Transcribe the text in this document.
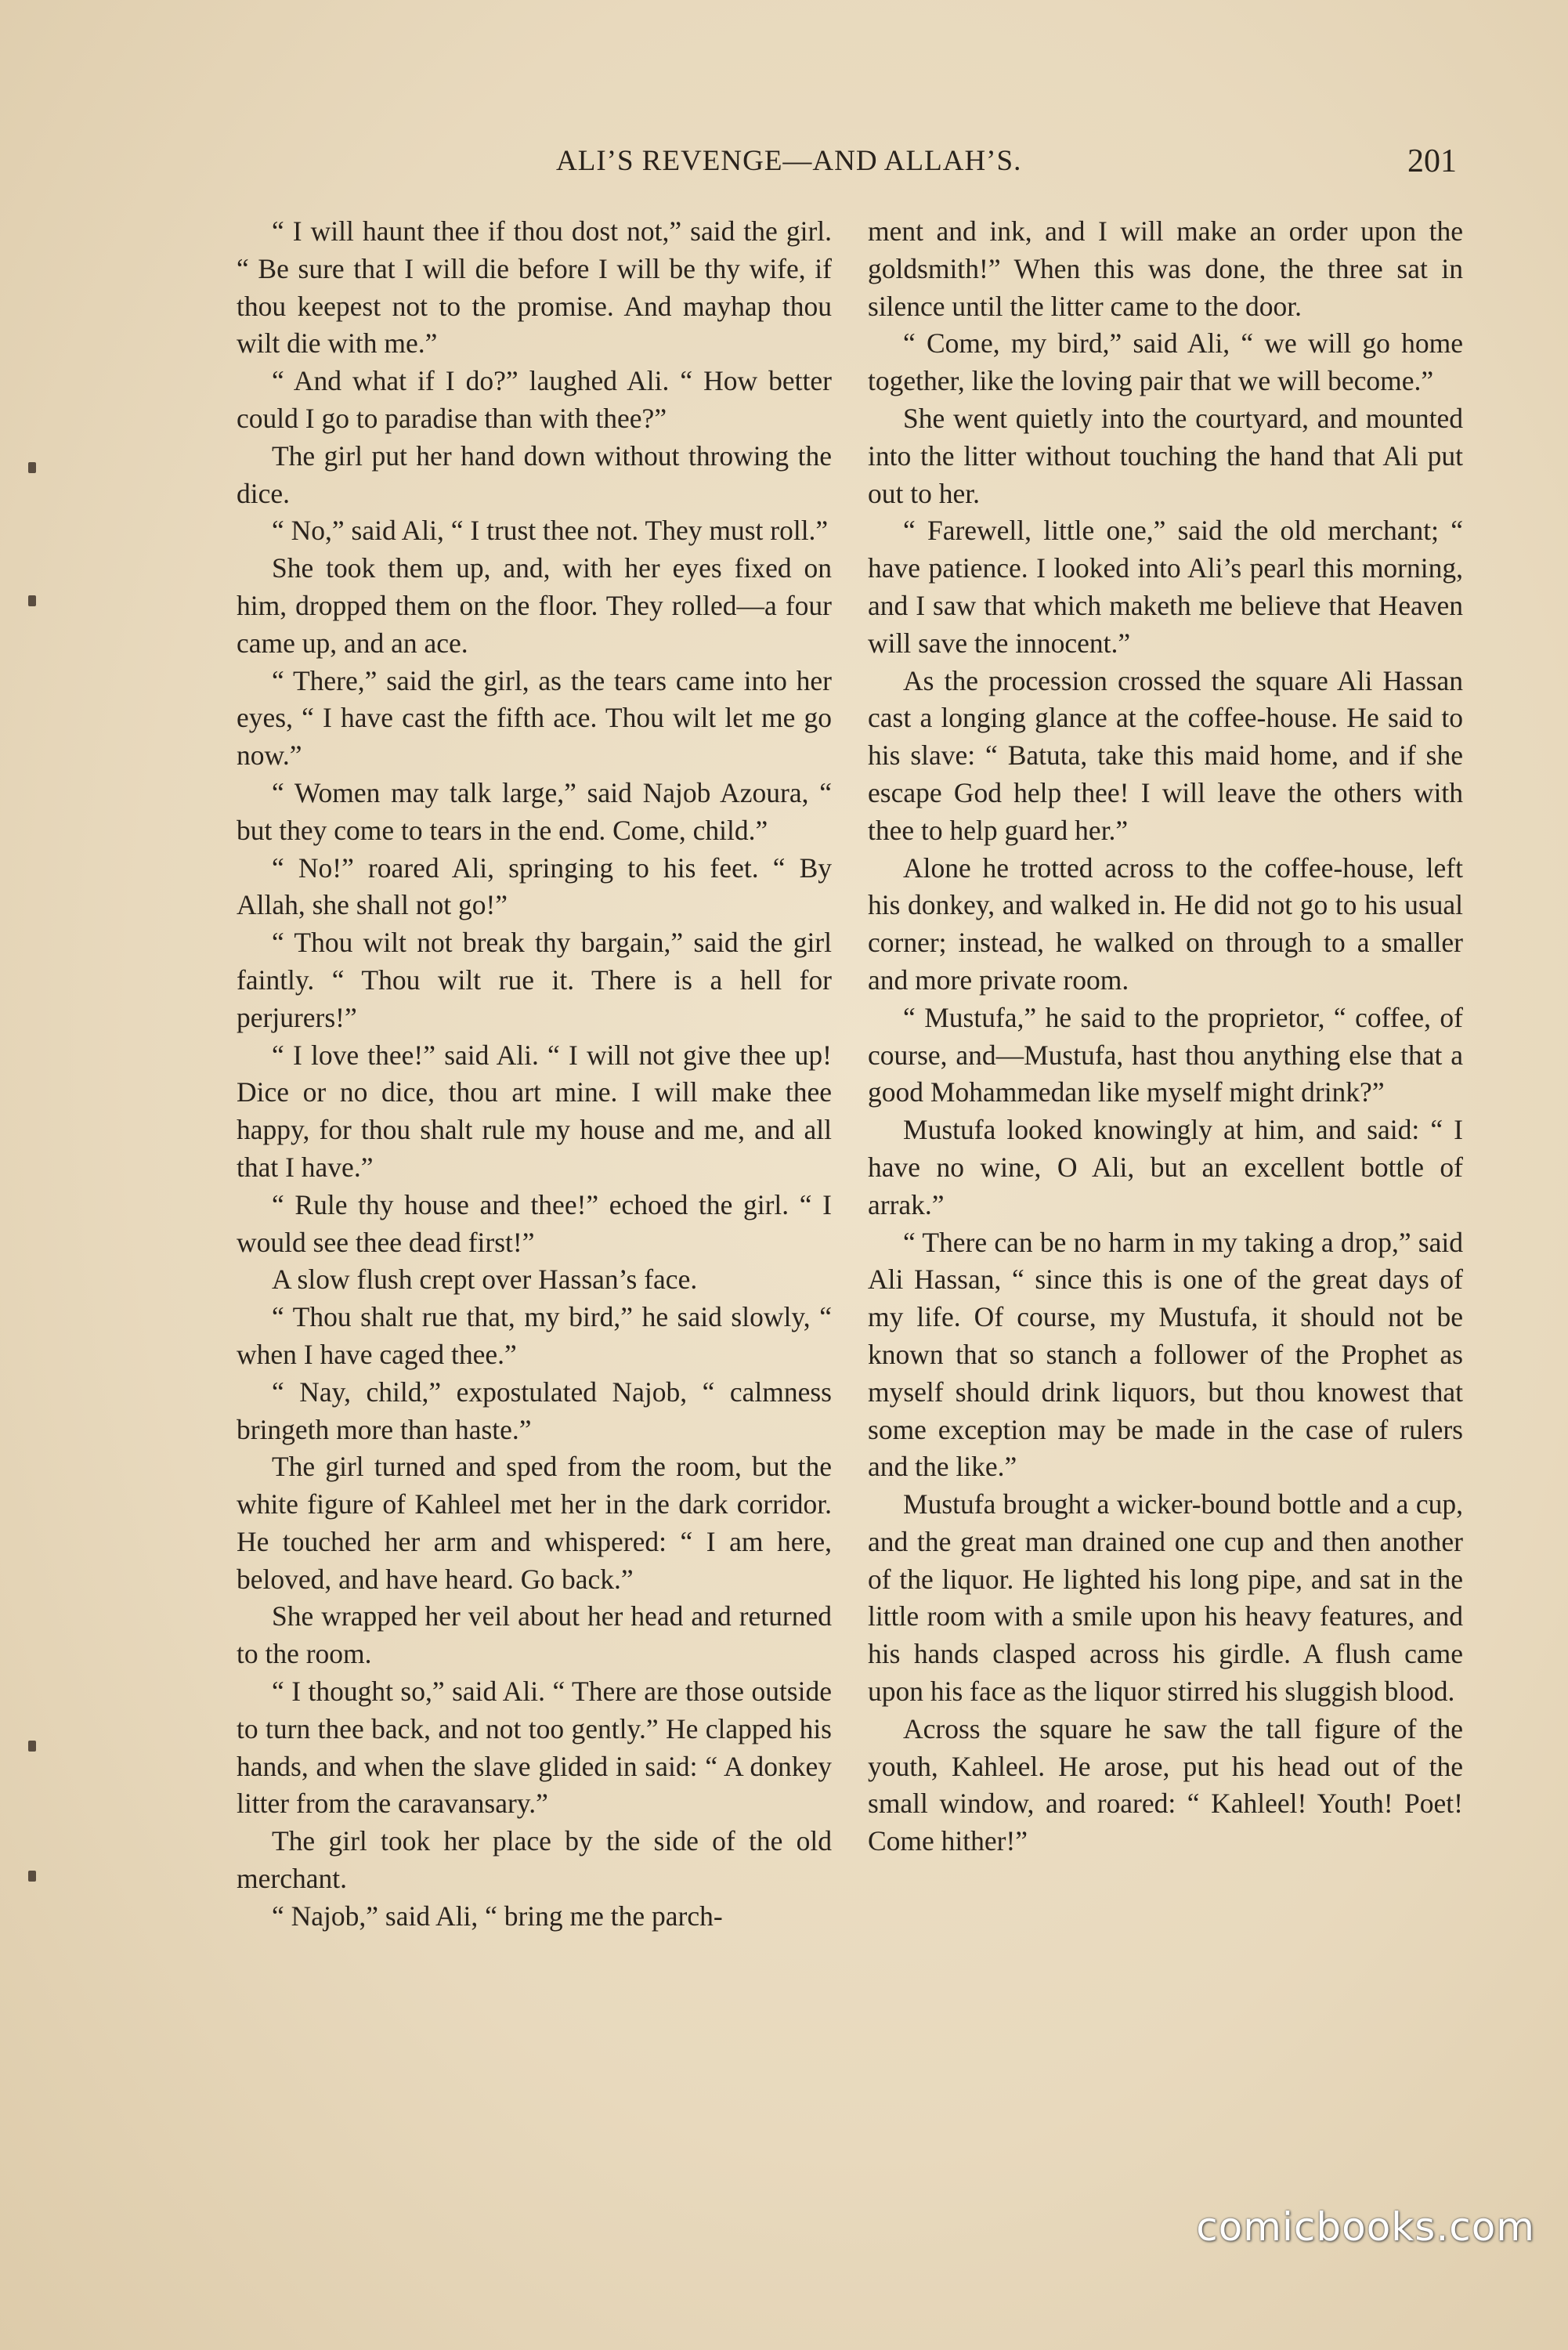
ALI’S REVENGE—AND ALLAH’S.	201

“ I will haunt thee if thou dost not,” said the girl. “ Be sure that I will die before I will be thy wife, if thou keepest not to the promise. And mayhap thou wilt die with me.”

“ And what if I do?” laughed Ali. “ How better could I go to paradise than with thee?”

The girl put her hand down without throwing the dice.

“ No,” said Ali, “ I trust thee not. They must roll.”

She took them up, and, with her eyes fixed on him, dropped them on the floor. They rolled—a four came up, and an ace.

“ There,” said the girl, as the tears came into her eyes, “ I have cast the fifth ace. Thou wilt let me go now.”

“ Women may talk large,” said Najob Azoura, “ but they come to tears in the end. Come, child.”

“ No!” roared Ali, springing to his feet. “ By Allah, she shall not go!”

“ Thou wilt not break thy bargain,” said the girl faintly. “ Thou wilt rue it. There is a hell for perjurers!”

“ I love thee!” said Ali. “ I will not give thee up! Dice or no dice, thou art mine. I will make thee happy, for thou shalt rule my house and me, and all that I have.”

“ Rule thy house and thee!” echoed the girl. “ I would see thee dead first!”

A slow flush crept over Hassan’s face.

“ Thou shalt rue that, my bird,” he said slowly, “ when I have caged thee.”

“ Nay, child,” expostulated Najob, “ calmness bringeth more than haste.”

The girl turned and sped from the room, but the white figure of Kahleel met her in the dark corridor. He touched her arm and whispered: “ I am here, beloved, and have heard. Go back.”

She wrapped her veil about her head and returned to the room.

“ I thought so,” said Ali. “ There are those outside to turn thee back, and not too gently.” He clapped his hands, and when the slave glided in said: “ A donkey litter from the caravansary.”

The girl took her place by the side of the old merchant.

“ Najob,” said Ali, “ bring me the parch-

ment and ink, and I will make an order upon the goldsmith!” When this was done, the three sat in silence until the litter came to the door.

“ Come, my bird,” said Ali, “ we will go home together, like the loving pair that we will become.”

She went quietly into the courtyard, and mounted into the litter without touching the hand that Ali put out to her.

“ Farewell, little one,” said the old merchant; “ have patience. I looked into Ali’s pearl this morning, and I saw that which maketh me believe that Heaven will save the innocent.”

As the procession crossed the square Ali Hassan cast a longing glance at the coffee-house. He said to his slave: “ Batuta, take this maid home, and if she escape God help thee! I will leave the others with thee to help guard her.”

Alone he trotted across to the coffee-house, left his donkey, and walked in. He did not go to his usual corner; instead, he walked on through to a smaller and more private room.

“ Mustufa,” he said to the proprietor, “ coffee, of course, and—Mustufa, hast thou anything else that a good Mohammedan like myself might drink?”

Mustufa looked knowingly at him, and said: “ I have no wine, O Ali, but an excellent bottle of arrak.”

“ There can be no harm in my taking a drop,” said Ali Hassan, “ since this is one of the great days of my life. Of course, my Mustufa, it should not be known that so stanch a follower of the Prophet as myself should drink liquors, but thou knowest that some exception may be made in the case of rulers and the like.”

Mustufa brought a wicker-bound bottle and a cup, and the great man drained one cup and then another of the liquor. He lighted his long pipe, and sat in the little room with a smile upon his heavy features, and his hands clasped across his girdle. A flush came upon his face as the liquor stirred his sluggish blood.

Across the square he saw the tall figure of the youth, Kahleel. He arose, put his head out of the small window, and roared: “ Kahleel! Youth! Poet! Come hither!”

comicbooks.com
